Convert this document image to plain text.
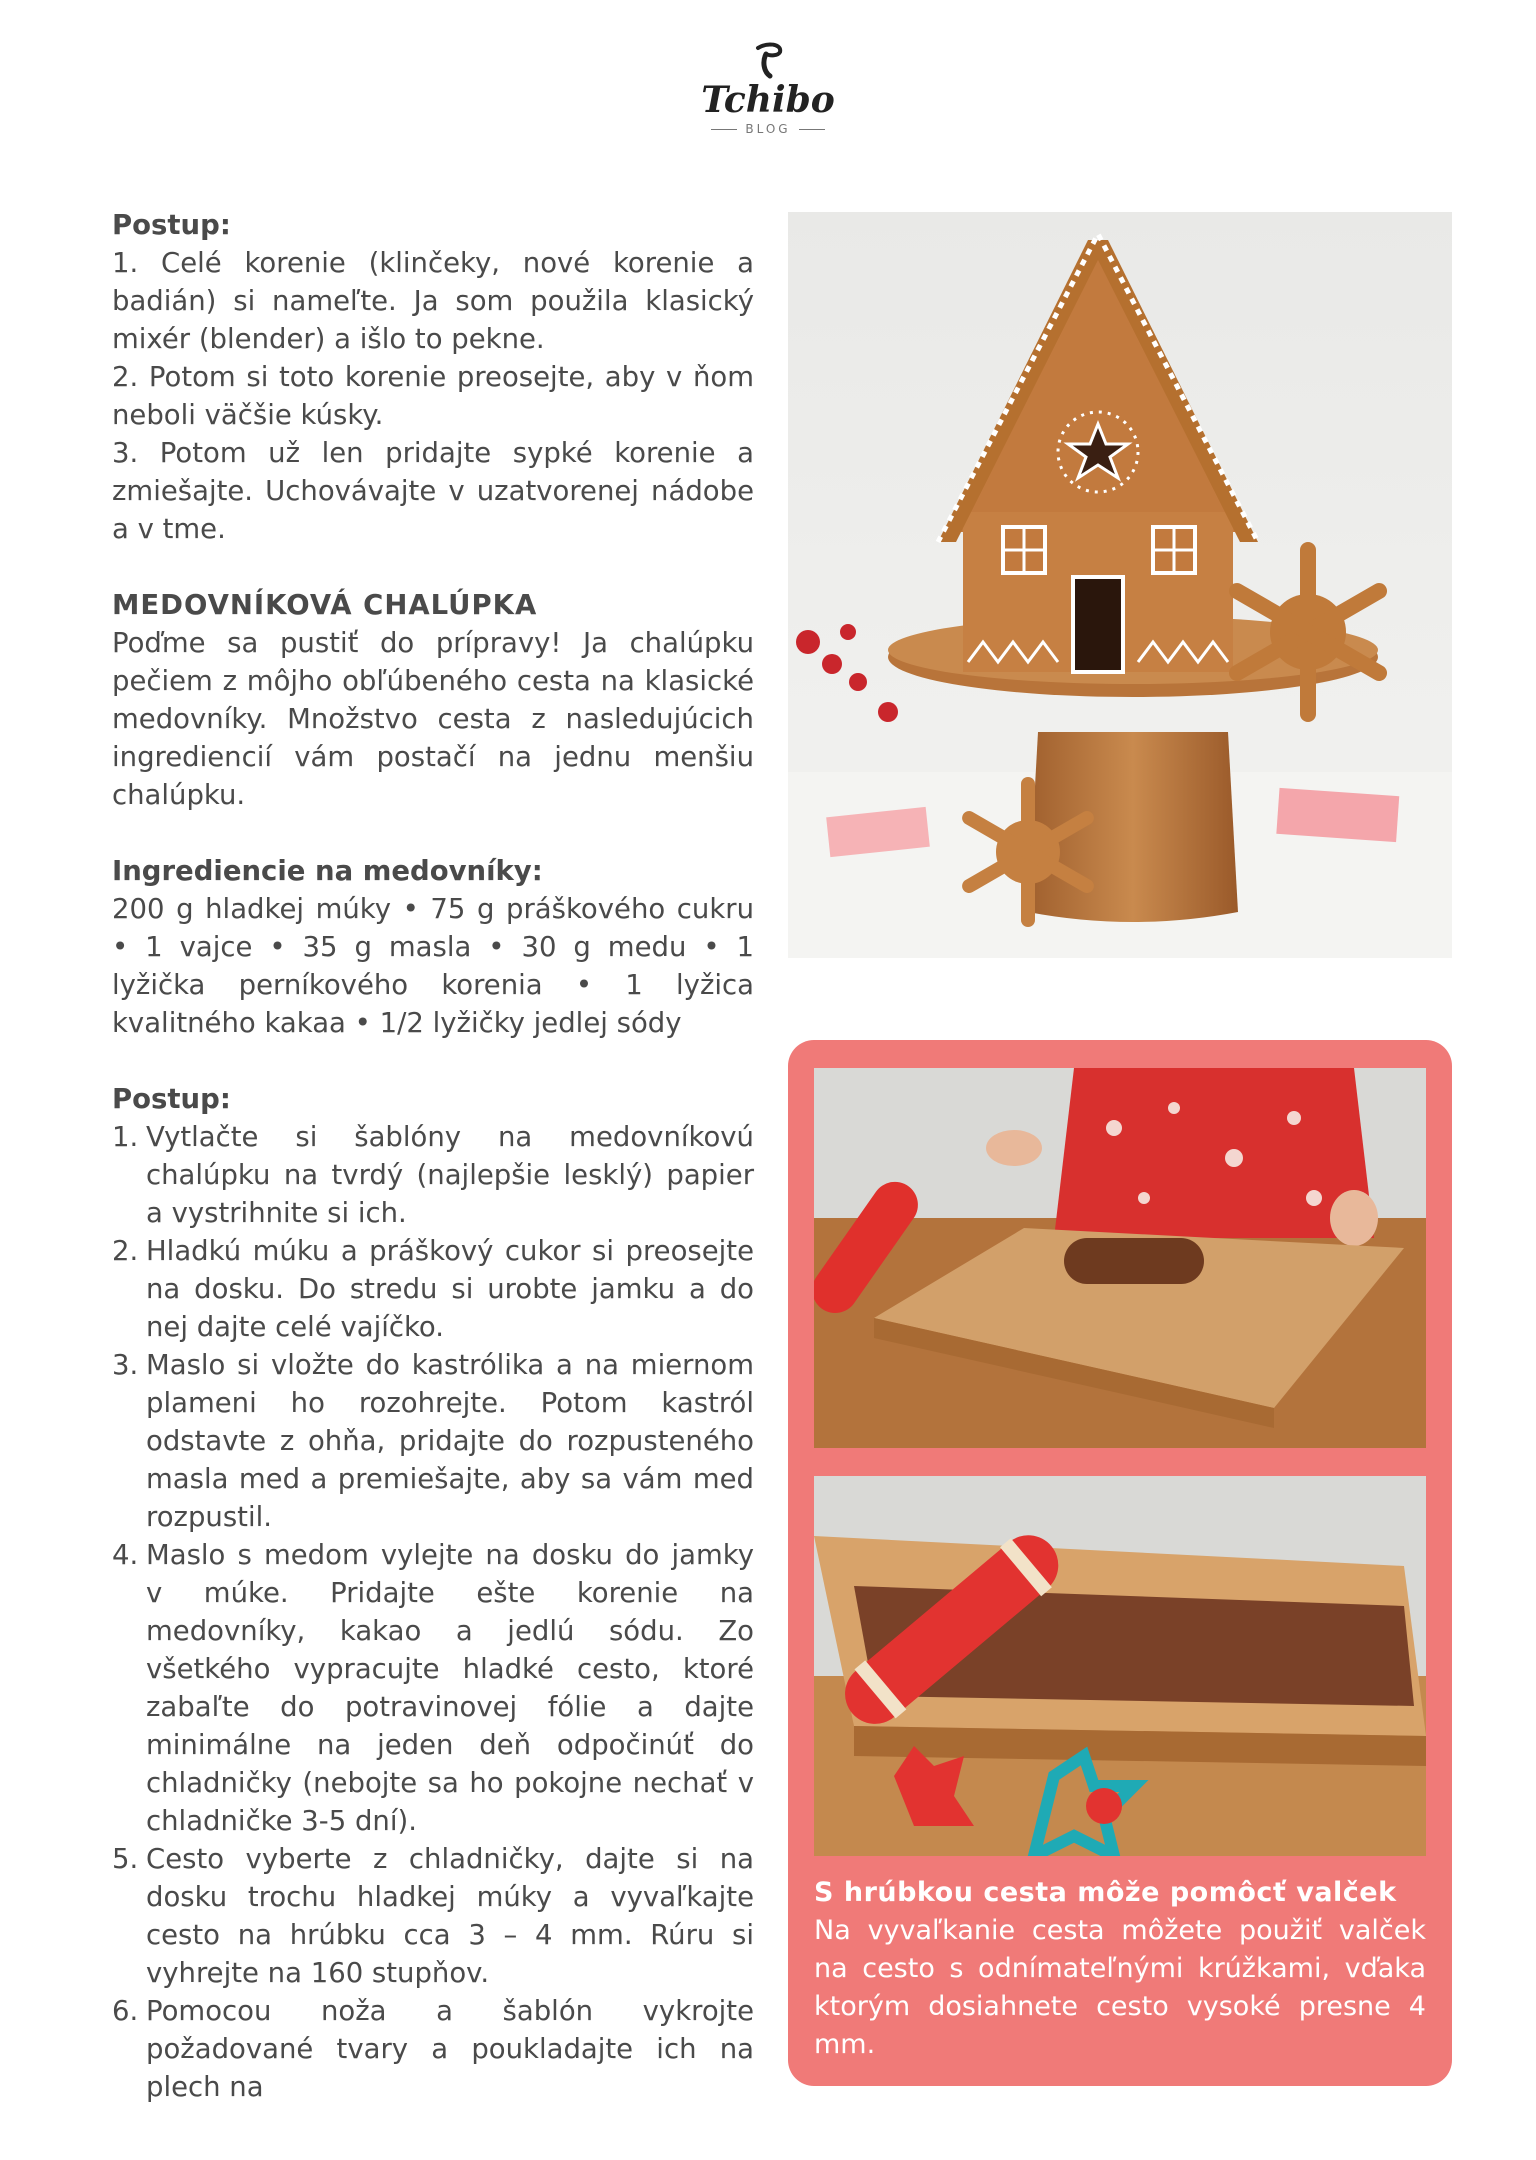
Tchibo
BLOG

Postup:

1. Celé korenie (klinčeky, nové korenie a badián) si nameľte. Ja som použila klasický mixér (blender) a išlo to pekne.

2. Potom si toto korenie preosejte, aby v ňom neboli väčšie kúsky.

3. Potom už len pridajte sypké korenie a zmiešajte. Uchovávajte v uzatvorenej nádobe a v tme.

MEDOVNÍKOVÁ CHALÚPKA

Poďme sa pustiť do prípravy! Ja chalúpku pečiem z môjho obľúbeného cesta na klasické medovníky. Množstvo cesta z nasledujúcich ingrediencií vám postačí na jednu menšiu chalúpku.

Ingrediencie na medovníky:

200 g hladkej múky • 75 g práškového cukru • 1 vajce • 35 g masla • 30 g medu • 1 lyžička perníkového korenia • 1 lyžica kvalitného kakaa • 1/2 lyžičky jedlej sódy

Postup:

1. Vytlačte si šablóny na medovníkovú chalúpku na tvrdý (najlepšie lesklý) papier a vystrihnite si ich.
2. Hladkú múku a práškový cukor si preosejte na dosku. Do stredu si urobte jamku a do nej dajte celé vajíčko.
3. Maslo si vložte do kastrólika a na miernom plameni ho rozohrejte. Potom kastról odstavte z ohňa, pridajte do rozpusteného masla med a premiešajte, aby sa vám med rozpustil.
4. Maslo s medom vylejte na dosku do jamky v múke. Pridajte ešte korenie na medovníky, kakao a jedlú sódu. Zo všetkého vypracujte hladké cesto, ktoré zabaľte do potravinovej fólie a dajte minimálne na jeden deň odpočinúť do chladničky (nebojte sa ho pokojne nechať v chladničke 3-5 dní).
5. Cesto vyberte z chladničky, dajte si na dosku trochu hladkej múky a vyvaľkajte cesto na hrúbku cca 3 – 4 mm. Rúru si vyhrejte na 160 stupňov.
6. Pomocou noža a šablón vykrojte požadované tvary a poukladajte ich na plech na
S hrúbkou cesta môže pomôcť valček
Na vyvaľkanie cesta môžete použiť valček na cesto s odnímateľnými krúžkami, vďaka ktorým dosiahnete cesto vysoké presne 4 mm.
